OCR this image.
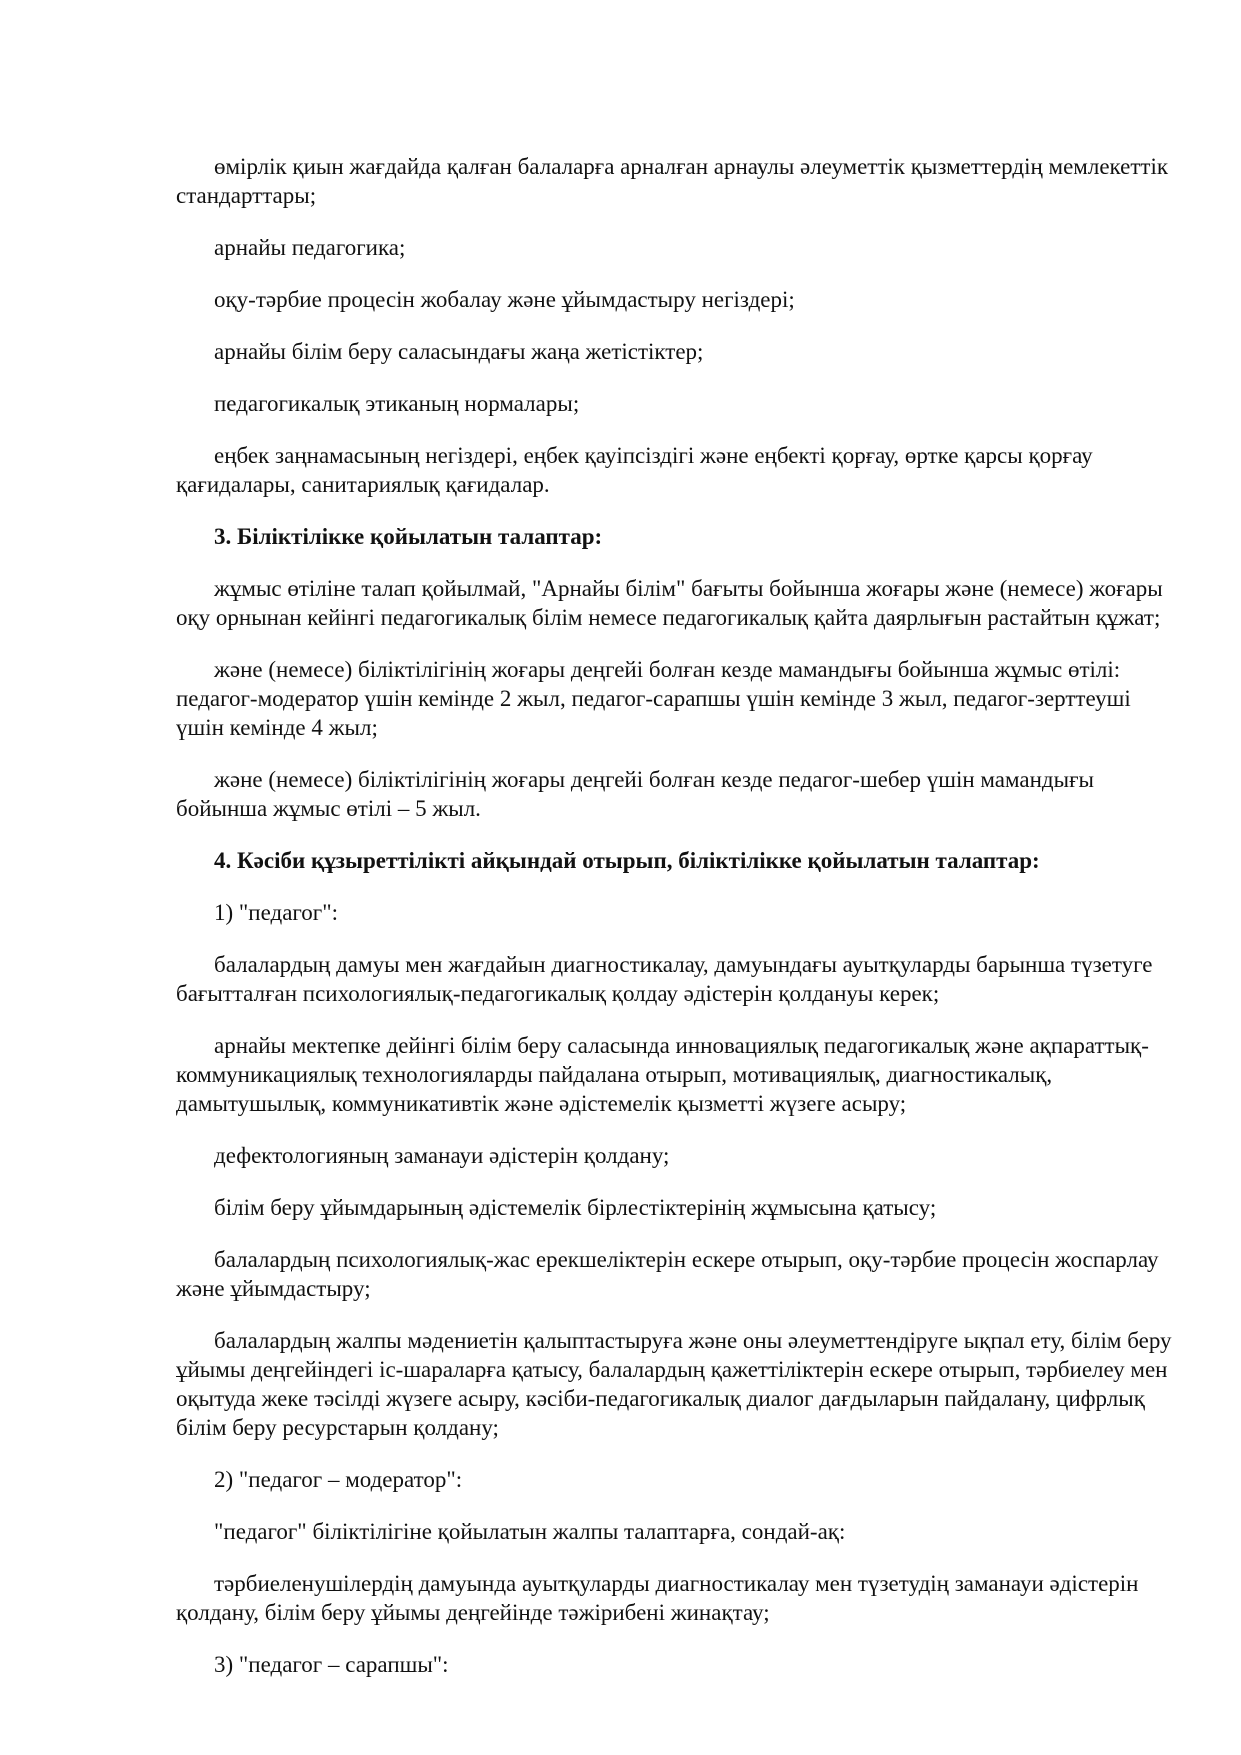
өмірлік қиын жағдайда қалған балаларға арналған арнаулы әлеуметтік қызметтердің мемлекеттік стандарттары;

арнайы педагогика;

оқу-тәрбие процесін жобалау және ұйымдастыру негіздері;

арнайы білім беру саласындағы жаңа жетістіктер;

педагогикалық этиканың нормалары;

еңбек заңнамасының негіздері, еңбек қауіпсіздігі және еңбекті қорғау, өртке қарсы қорғау қағидалары, санитариялық қағидалар.

3. Біліктілікке қойылатын талаптар:

жұмыс өтіліне талап қойылмай, "Арнайы білім" бағыты бойынша жоғары және (немесе) жоғары оқу орнынан кейінгі педагогикалық білім немесе педагогикалық қайта даярлығын растайтын құжат;

және (немесе) біліктілігінің жоғары деңгейі болған кезде мамандығы бойынша жұмыс өтілі: педагог-модератор үшін кемінде 2 жыл, педагог-сарапшы үшін кемінде 3 жыл, педагог-зерттеуші үшін кемінде 4 жыл;

және (немесе) біліктілігінің жоғары деңгейі болған кезде педагог-шебер үшін мамандығы бойынша жұмыс өтілі – 5 жыл.

4. Кәсіби құзыреттілікті айқындай отырып, біліктілікке қойылатын талаптар:

1) "педагог":

балалардың дамуы мен жағдайын диагностикалау, дамуындағы ауытқуларды барынша түзетуге бағытталған психологиялық-педагогикалық қолдау әдістерін қолдануы керек;

арнайы мектепке дейінгі білім беру саласында инновациялық педагогикалық және ақпараттық-коммуникациялық технологияларды пайдалана отырып, мотивациялық, диагностикалық, дамытушылық, коммуникативтік және әдістемелік қызметті жүзеге асыру;

дефектологияның заманауи әдістерін қолдану;

білім беру ұйымдарының әдістемелік бірлестіктерінің жұмысына қатысу;

балалардың психологиялық-жас ерекшеліктерін ескере отырып, оқу-тәрбие процесін жоспарлау және ұйымдастыру;

балалардың жалпы мәдениетін қалыптастыруға және оны әлеуметтендіруге ықпал ету, білім беру ұйымы деңгейіндегі іс-шараларға қатысу, балалардың қажеттіліктерін ескере отырып, тәрбиелеу мен оқытуда жеке тәсілді жүзеге асыру, кәсіби-педагогикалық диалог дағдыларын пайдалану, цифрлық білім беру ресурстарын қолдану;

2) "педагог – модератор":

"педагог" біліктілігіне қойылатын жалпы талаптарға, сондай-ақ:

тәрбиеленушілердің дамуында ауытқуларды диагностикалау мен түзетудің заманауи әдістерін қолдану, білім беру ұйымы деңгейінде тәжірибені жинақтау;

3) "педагог – сарапшы":
